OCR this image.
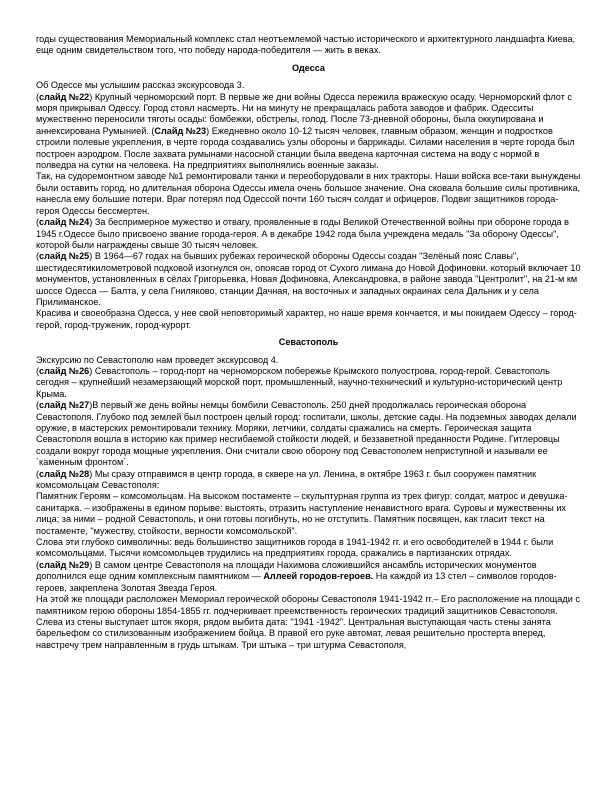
годы существования Мемориальный комплекс стал неотъемлемой частью исторического и архитектурного ландшафта Киева, еще одним свидетельством того, что победу народа-победителя — жить в веках.

Одесса

Об Одессе мы услышим рассказ экскурсовода 3.

(слайд №22) Крупный черноморский порт. В первые же дни войны Одесса пережила вражескую осаду. Черноморский флот с моря прикрывал Одессу. Город стоял насмерть. Ни на минуту не прекращалась работа заводов и фабрик. Одесситы мужественно переносили тяготы осады: бомбежки, обстрелы, голод. После 73-дневной обороны, была оккупирована и аннексирована Румынией. (Слайд №23) Ежедневно около 10-12 тысяч человек, главным образом, женщин и подростков строили полевые укрепления, в черте города создавались узлы обороны и баррикады. Силами населения в черте города был построен аэродром. После захвата румынами насосной станции была введена карточная система на воду с нормой в полведра на сутки на человека. На предприятиях выполнялись военные заказы.

Так, на судоремонтном заводе №1 ремонтировали танки и переоборудовали в них тракторы. Наши войска все-таки вынуждены были оставить город, но длительная оборона Одессы имела очень большое значение. Она сковала большие силы противника, нанесла ему большие потери. Враг потерял под Одессой почти 160 тысяч солдат и офицеров. Подвиг защитников города-героя Одессы бессмертен.

(слайд №24) За беспримерное мужество и отвагу, проявленные в годы Великой Отечественной войны при обороне города в 1945 г.Одессе было присвоено звание города-героя. А в декабре 1942 года была учреждена медаль "За оборону Одессы", которой были награждены свыше 30 тысяч человек.

(слайд №25) В 1964—67 годах на бывших рубежах героической обороны Одессы создан "Зелёный пояс Славы", шестидесятикилометровой подковой изогнулся он, опоясав город от Сухого лимана до Новой Дофиновки. который включает 10 монументов, установленных в сёлах Григорьевка, Новая Дофиновка, Александровка, в районе завода "Центролит", на 21-м км шоссе Одесса — Балта, у села Гниляково, станции Дачная, на восточных и западных окраинах села Дальник и у села Прилиманское.

Красива и своеобразна Одесса, у нее свой неповторимый характер, но наше время кончается, и мы покидаем Одессу – город-герой, город-труженик, город-курорт.

Севастополь

Экскурсию по Севастополю нам проведет экскурсовод 4.

(слайд №26) Севастополь – город-порт на черноморском побережье Крымского полуострова, город-герой. Севастополь сегодня – крупнейший незамерзающий морской порт, промышленный, научно-технический и культурно-исторический центр Крыма.

(слайд №27)В первый же день войны немцы бомбили Севастополь. 250 дней продолжалась героическая оборона Севастополя. Глубоко под землей был построен целый город: госпитали, школы, детские сады. На подземных заводах делали оружие, в мастерских ремонтировали технику. Моряки, летчики, солдаты сражались на смерть. Героическая защита Севастополя вошла в историю как пример несгибаемой стойкости людей, и беззаветной преданности Родине. Гитлеровцы создали вокруг города мощные укрепления. Они считали свою оборону под Севастополем неприступной и называли ее `каменным фронтом`.

(слайд №28) Мы сразу отправимся в центр города, в сквере на ул. Ленина, в октябре 1963 г. был сооружен памятник комсомольцам Севастополя:

Памятник Героям – комсомольцам. На высоком постаменте – скульптурная группа из трех фигур: солдат, матрос и девушка-санитарка. – изображены в едином порыве: выстоять, отразить наступление ненавистного врага. Суровы и мужественны их лица; за ними – родной Севастополь, и они готовы погибнуть, но не отступить. Памятник посвящен, как гласит текст на постаменте, "мужеству, стойкости, верности комсомольской".

Слова эти глубоко символичны: ведь большинство защитников города в 1941-1942 гг. и его освободителей в 1944 г. были комсомольцами. Тысячи комсомольцев трудились на предприятиях города, сражались в партизанских отрядах.

(слайд №29) В самом центре Севастополя на площади Нахимова сложившийся ансамбль исторических монументов дополнился еще одним комплексным памятником — Аллеей городов-героев. На каждой из 13 стел – символов городов-героев, закреплена Золотая Звезда Героя.

На этой же площади расположен Мемориал героической обороны Севастополя 1941-1942 гг.– Его расположение на площади с памятником герою обороны 1854-1855 гг. подчеркивает преемственность героических традиций защитников Севастополя.

Слева из стены выступает шток якоря, рядом выбита дата: "1941 -1942". Центральная выступающая часть стены занята барельефом со стилизованным изображением бойца. В правой его руке автомат, левая решительно простерта вперед, навстречу трем направленным в грудь штыкам. Три штыка – три штурма Севастополя,
